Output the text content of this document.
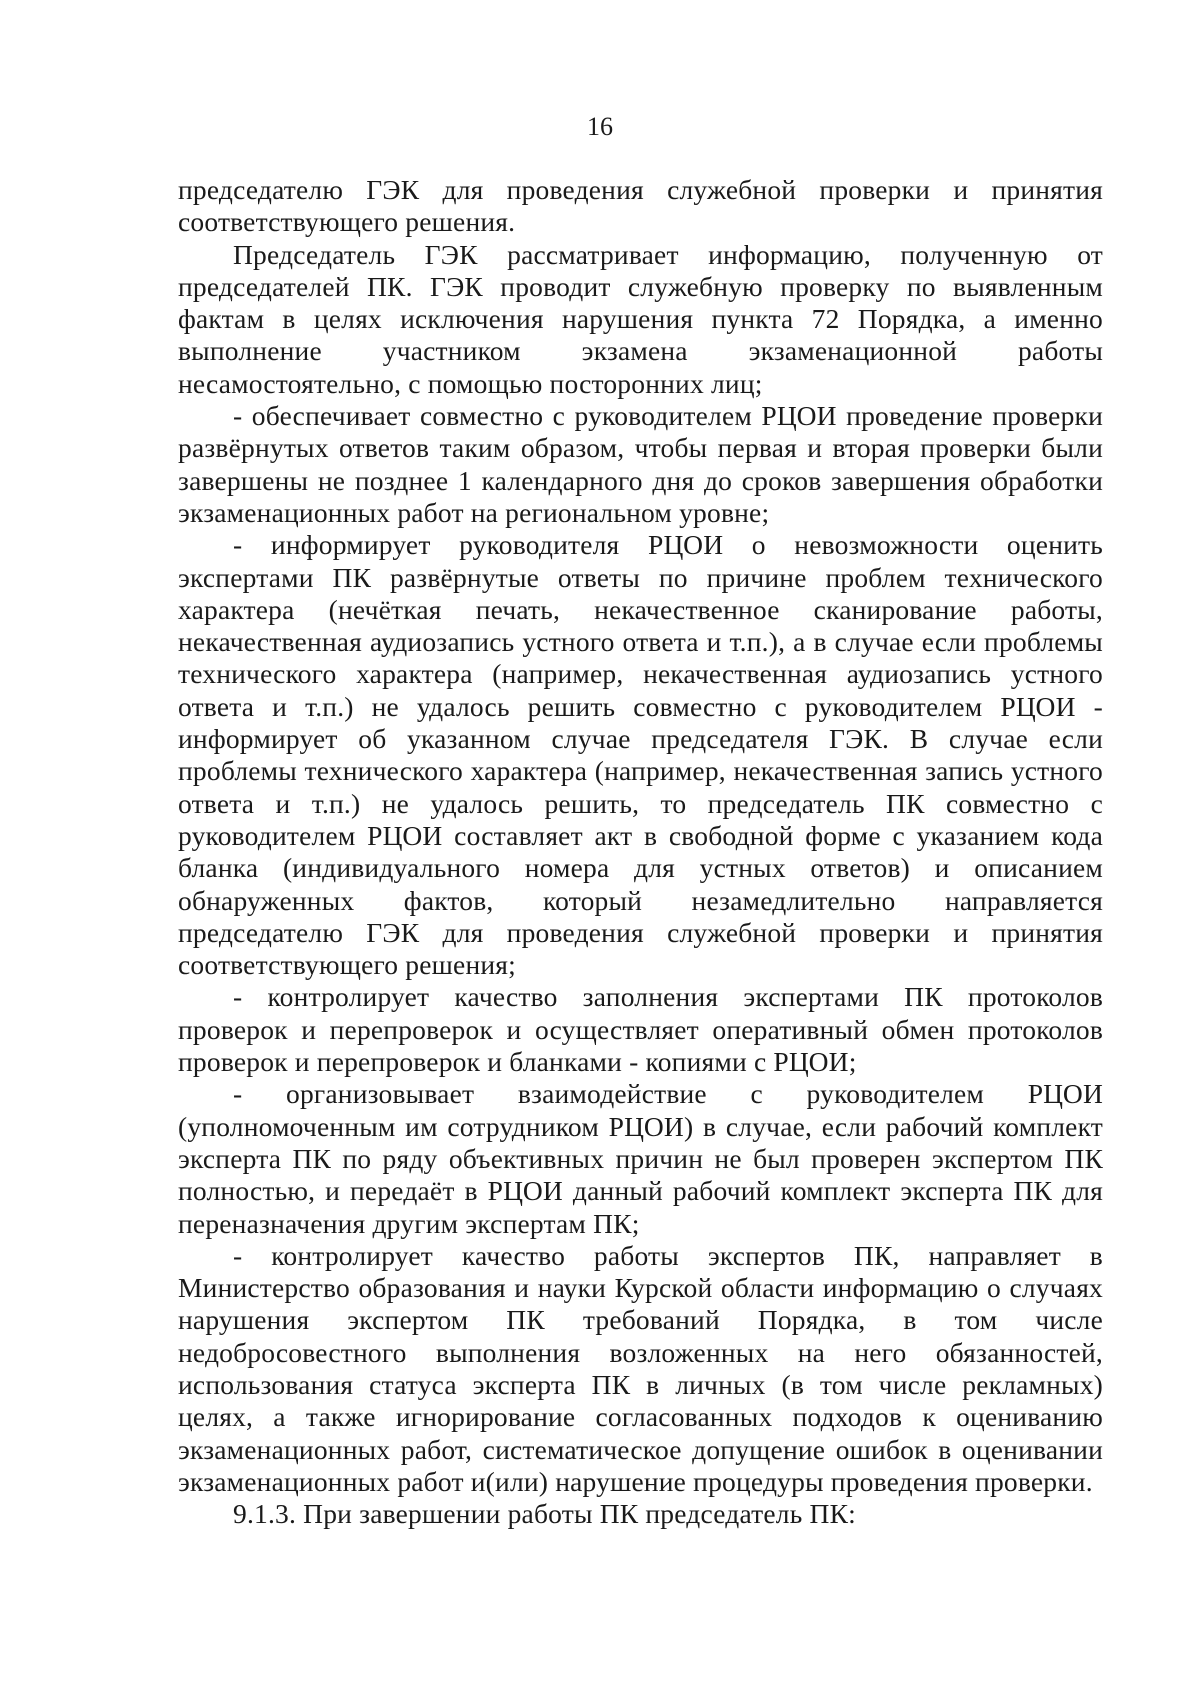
16

председателю ГЭК для проведения служебной проверки и принятия соответствующего решения.

Председатель ГЭК рассматривает информацию, полученную от председателей ПК. ГЭК проводит служебную проверку по выявленным фактам в целях исключения нарушения пункта 72 Порядка, а именно выполнение участником экзамена экзаменационной работы несамостоятельно, с помощью посторонних лиц;

- обеспечивает совместно с руководителем РЦОИ проведение проверки развёрнутых ответов таким образом, чтобы первая и вторая проверки были завершены не позднее 1 календарного дня до сроков завершения обработки экзаменационных работ на региональном уровне;

- информирует руководителя РЦОИ о невозможности оценить экспертами ПК развёрнутые ответы по причине проблем технического характера (нечёткая печать, некачественное сканирование работы, некачественная аудиозапись устного ответа и т.п.), а в случае если проблемы технического характера (например, некачественная аудиозапись устного ответа и т.п.) не удалось решить совместно с руководителем РЦОИ - информирует об указанном случае председателя ГЭК. В случае если проблемы технического характера (например, некачественная запись устного ответа и т.п.) не удалось решить, то председатель ПК совместно с руководителем РЦОИ составляет акт в свободной форме с указанием кода бланка (индивидуального номера для устных ответов) и описанием обнаруженных фактов, который незамедлительно направляется председателю ГЭК для проведения служебной проверки и принятия соответствующего решения;

- контролирует качество заполнения экспертами ПК протоколов проверок и перепроверок и осуществляет оперативный обмен протоколов проверок и перепроверок и бланками - копиями с РЦОИ;

- организовывает взаимодействие с руководителем РЦОИ (уполномоченным им сотрудником РЦОИ) в случае, если рабочий комплект эксперта ПК по ряду объективных причин не был проверен экспертом ПК полностью, и передаёт в РЦОИ данный рабочий комплект эксперта ПК для переназначения другим экспертам ПК;

- контролирует качество работы экспертов ПК, направляет в Министерство образования и науки Курской области информацию о случаях нарушения экспертом ПК требований Порядка, в том числе недобросовестного выполнения возложенных на него обязанностей, использования статуса эксперта ПК в личных (в том числе рекламных) целях, а также игнорирование согласованных подходов к оцениванию экзаменационных работ, систематическое допущение ошибок в оценивании экзаменационных работ и(или) нарушение процедуры проведения проверки.

9.1.3. При завершении работы ПК председатель ПК:
